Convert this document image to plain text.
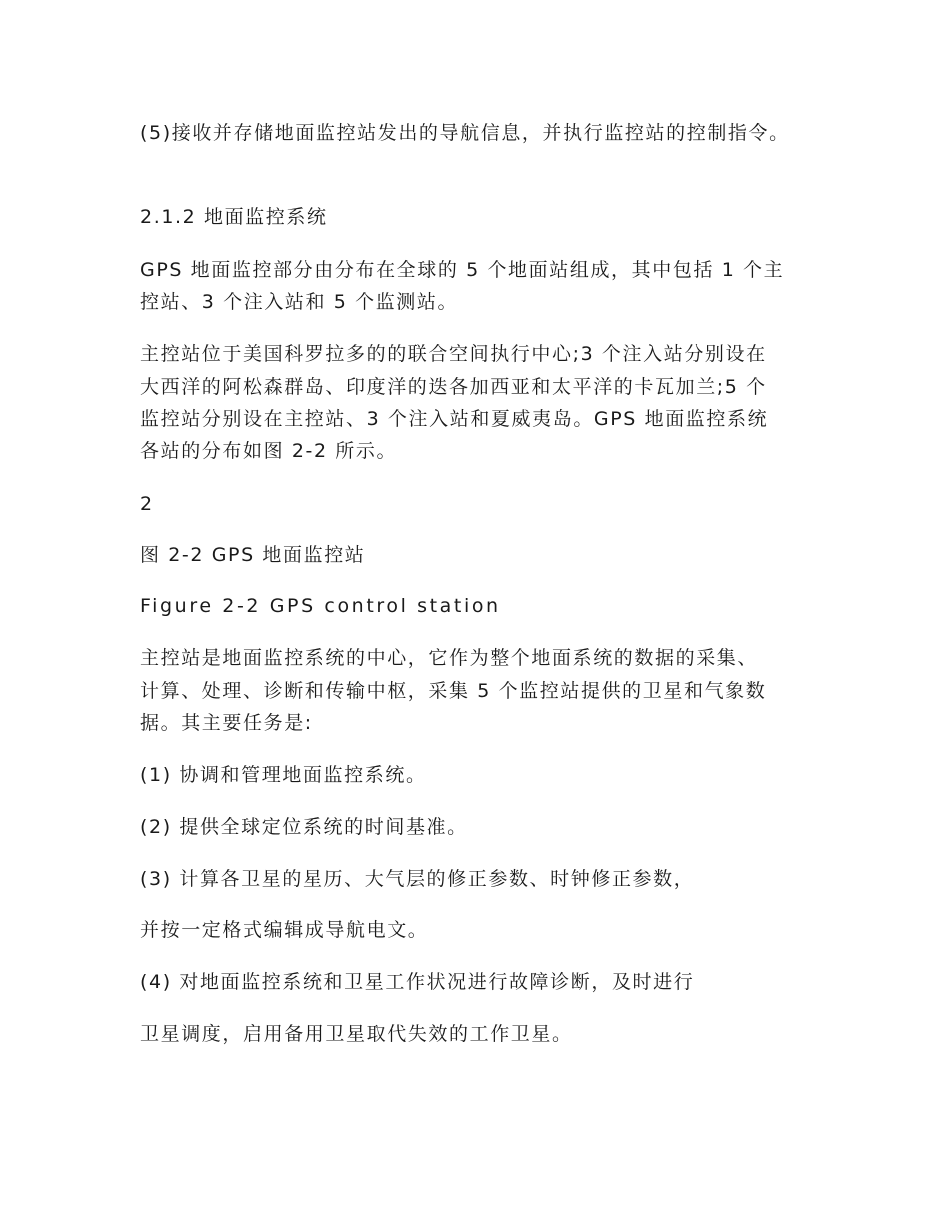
(5)接收并存储地面监控站发出的导航信息，并执行监控站的控制指令。

2.1.2 地面监控系统

GPS 地面监控部分由分布在全球的 5 个地面站组成，其中包括 1 个主

控站、3 个注入站和 5 个监测站。

主控站位于美国科罗拉多的的联合空间执行中心;3 个注入站分别设在

大西洋的阿松森群岛、印度洋的迭各加西亚和太平洋的卡瓦加兰;5 个

监控站分别设在主控站、3 个注入站和夏威夷岛。GPS 地面监控系统

各站的分布如图 2-2 所示。

2

图 2-2 GPS 地面监控站

Figure 2-2 GPS control station

主控站是地面监控系统的中心，它作为整个地面系统的数据的采集、

计算、处理、诊断和传输中枢，采集 5 个监控站提供的卫星和气象数

据。其主要任务是:

(1) 协调和管理地面监控系统。

(2) 提供全球定位系统的时间基准。

(3) 计算各卫星的星历、大气层的修正参数、时钟修正参数，

并按一定格式编辑成导航电文。

(4) 对地面监控系统和卫星工作状况进行故障诊断，及时进行

卫星调度，启用备用卫星取代失效的工作卫星。
